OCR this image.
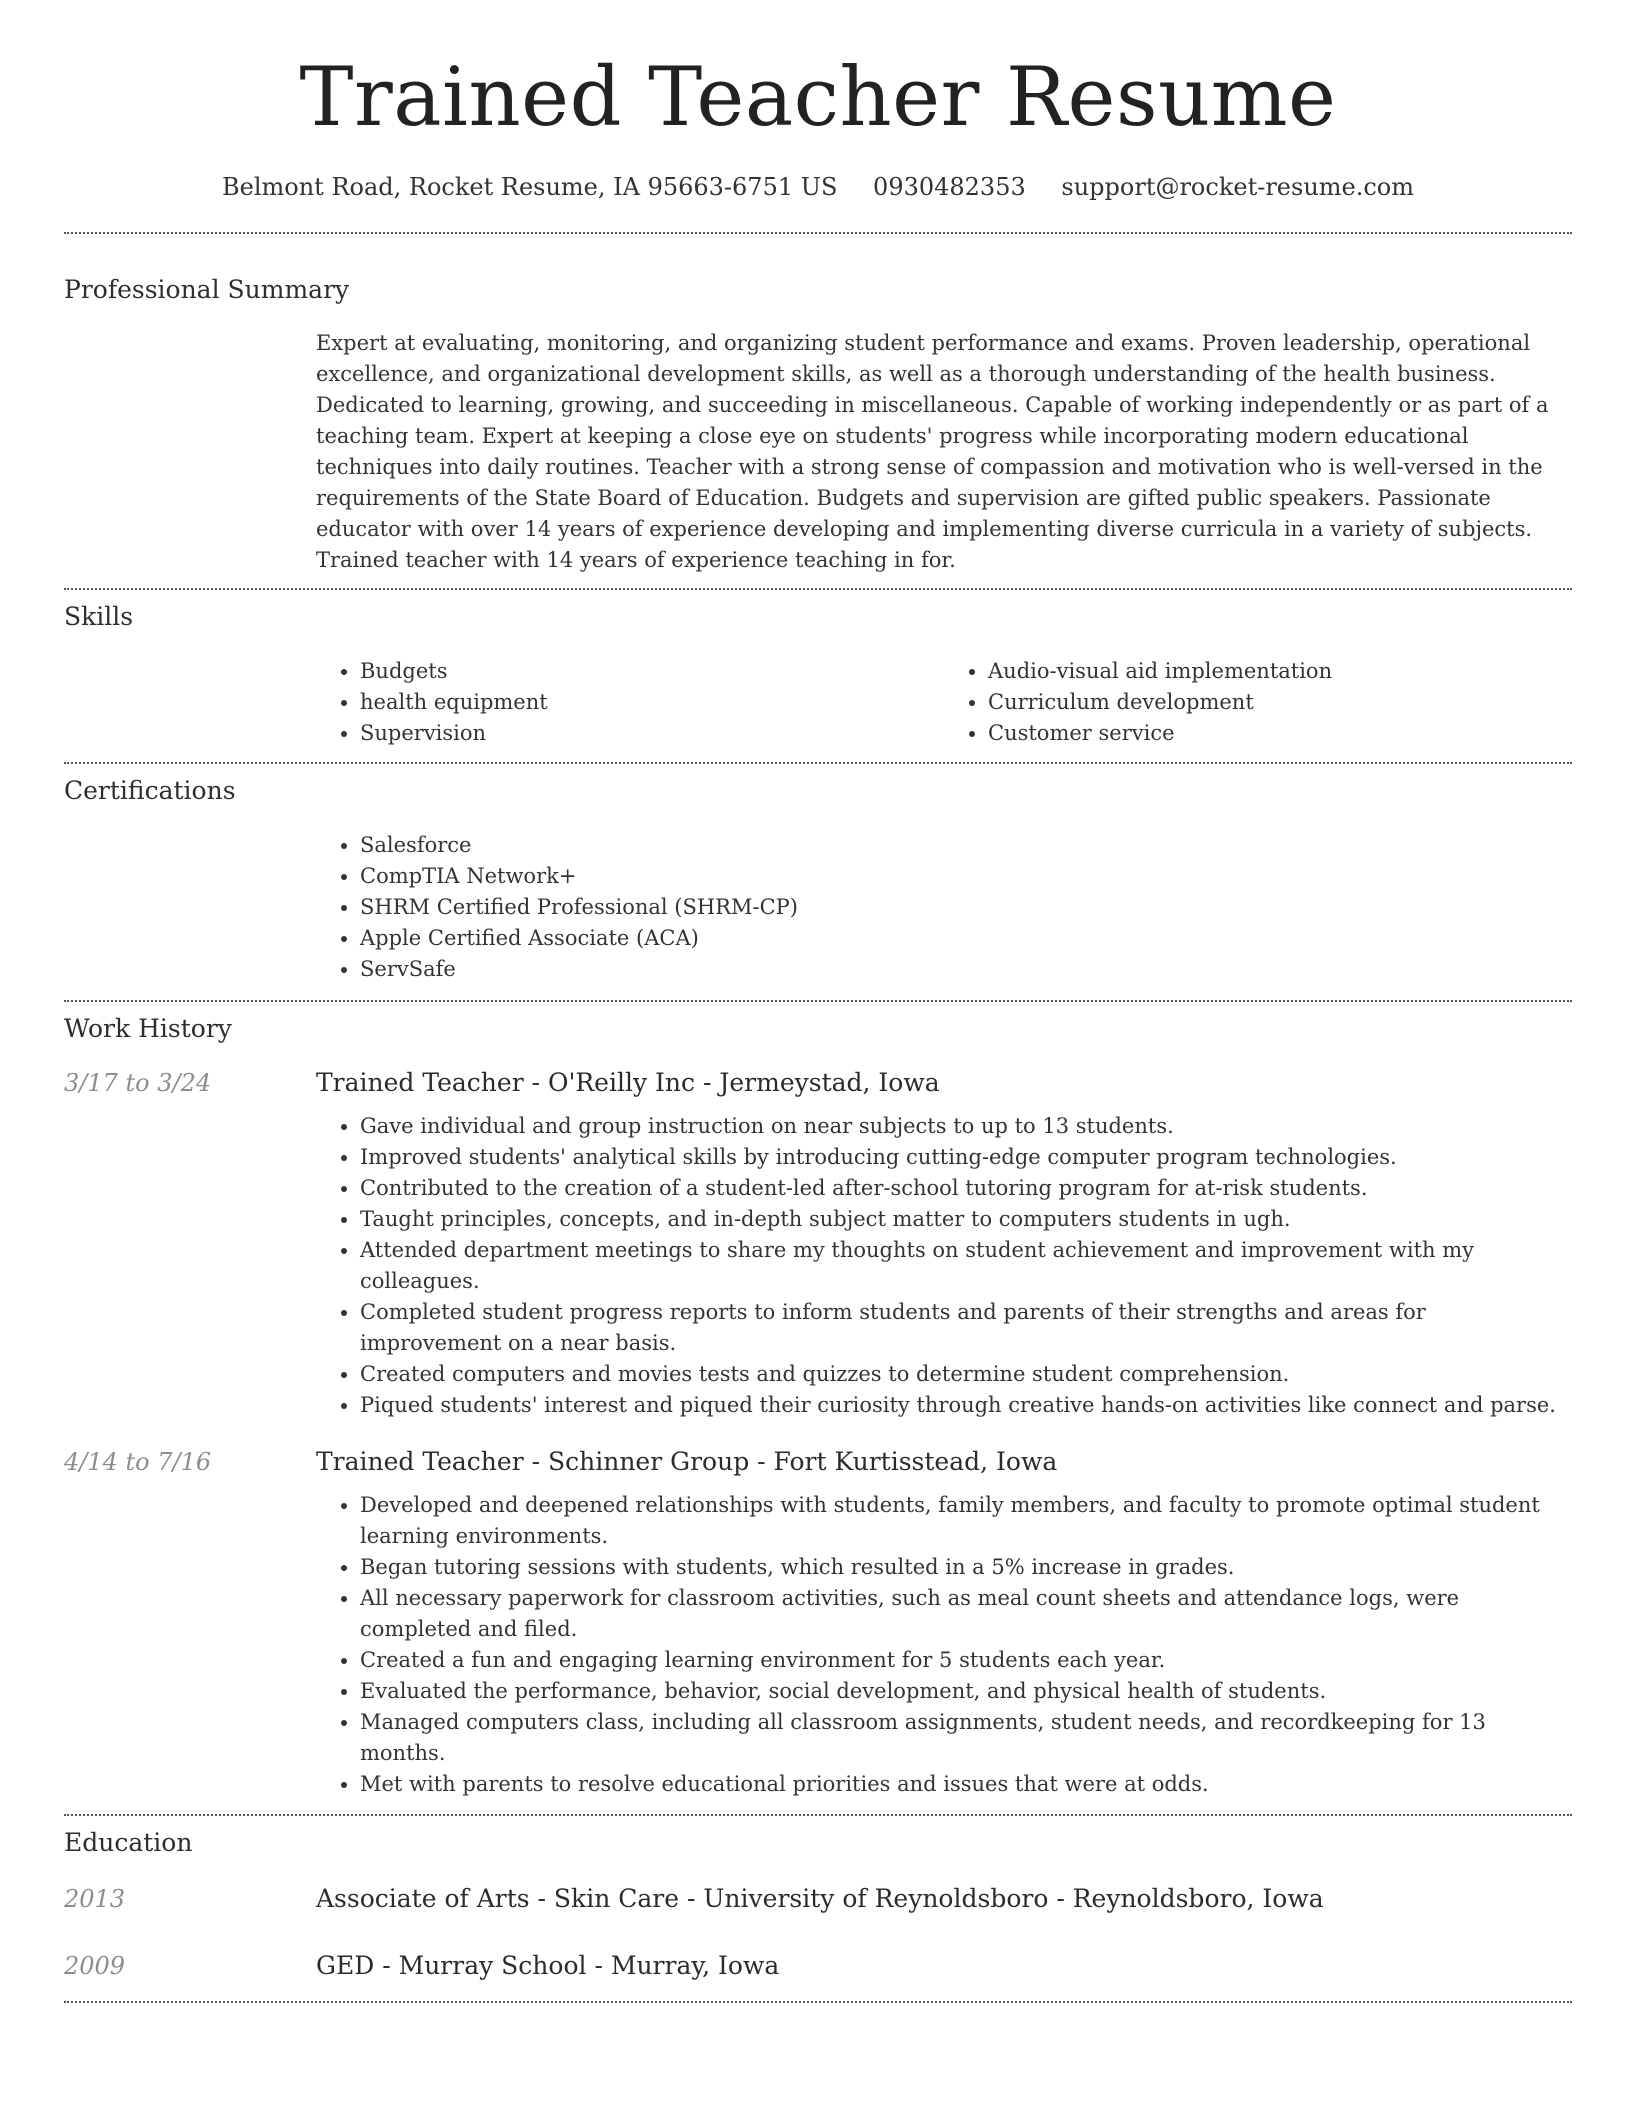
Trained Teacher Resume
Belmont Road, Rocket Resume, IA 95663-6751 US 0930482353 support@rocket-resume.com
Professional Summary

Expert at evaluating, monitoring, and organizing student performance and exams. Proven leadership, operational excellence, and organizational development skills, as well as a thorough understanding of the health business. Dedicated to learning, growing, and succeeding in miscellaneous. Capable of working independently or as part of a teaching team. Expert at keeping a close eye on students' progress while incorporating modern educational techniques into daily routines. Teacher with a strong sense of compassion and motivation who is well-versed in the requirements of the State Board of Education. Budgets and supervision are gifted public speakers. Passionate educator with over 14 years of experience developing and implementing diverse curricula in a variety of subjects. Trained teacher with 14 years of experience teaching in for.

Skills
• Budgets
• health equipment
• Supervision
• Audio-visual aid implementation
• Curriculum development
• Customer service
Certifications
• Salesforce
• CompTIA Network+
• SHRM Certified Professional (SHRM-CP)
• Apple Certified Associate (ACA)
• ServSafe
Work History
3/17 to 3/24	Trained Teacher - O'Reilly Inc - Jermeystad, Iowa
• Gave individual and group instruction on near subjects to up to 13 students.
• Improved students' analytical skills by introducing cutting-edge computer program technologies.
• Contributed to the creation of a student-led after-school tutoring program for at-risk students.
• Taught principles, concepts, and in-depth subject matter to computers students in ugh.
• Attended department meetings to share my thoughts on student achievement and improvement with my colleagues.
• Completed student progress reports to inform students and parents of their strengths and areas for improvement on a near basis.
• Created computers and movies tests and quizzes to determine student comprehension.
• Piqued students' interest and piqued their curiosity through creative hands-on activities like connect and parse.
4/14 to 7/16	Trained Teacher - Schinner Group - Fort Kurtisstead, Iowa
• Developed and deepened relationships with students, family members, and faculty to promote optimal student learning environments.
• Began tutoring sessions with students, which resulted in a 5% increase in grades.
• All necessary paperwork for classroom activities, such as meal count sheets and attendance logs, were completed and filed.
• Created a fun and engaging learning environment for 5 students each year.
• Evaluated the performance, behavior, social development, and physical health of students.
• Managed computers class, including all classroom assignments, student needs, and recordkeeping for 13 months.
• Met with parents to resolve educational priorities and issues that were at odds.
Education
2013	Associate of Arts - Skin Care - University of Reynoldsboro - Reynoldsboro, Iowa
2009	GED - Murray School - Murray, Iowa
